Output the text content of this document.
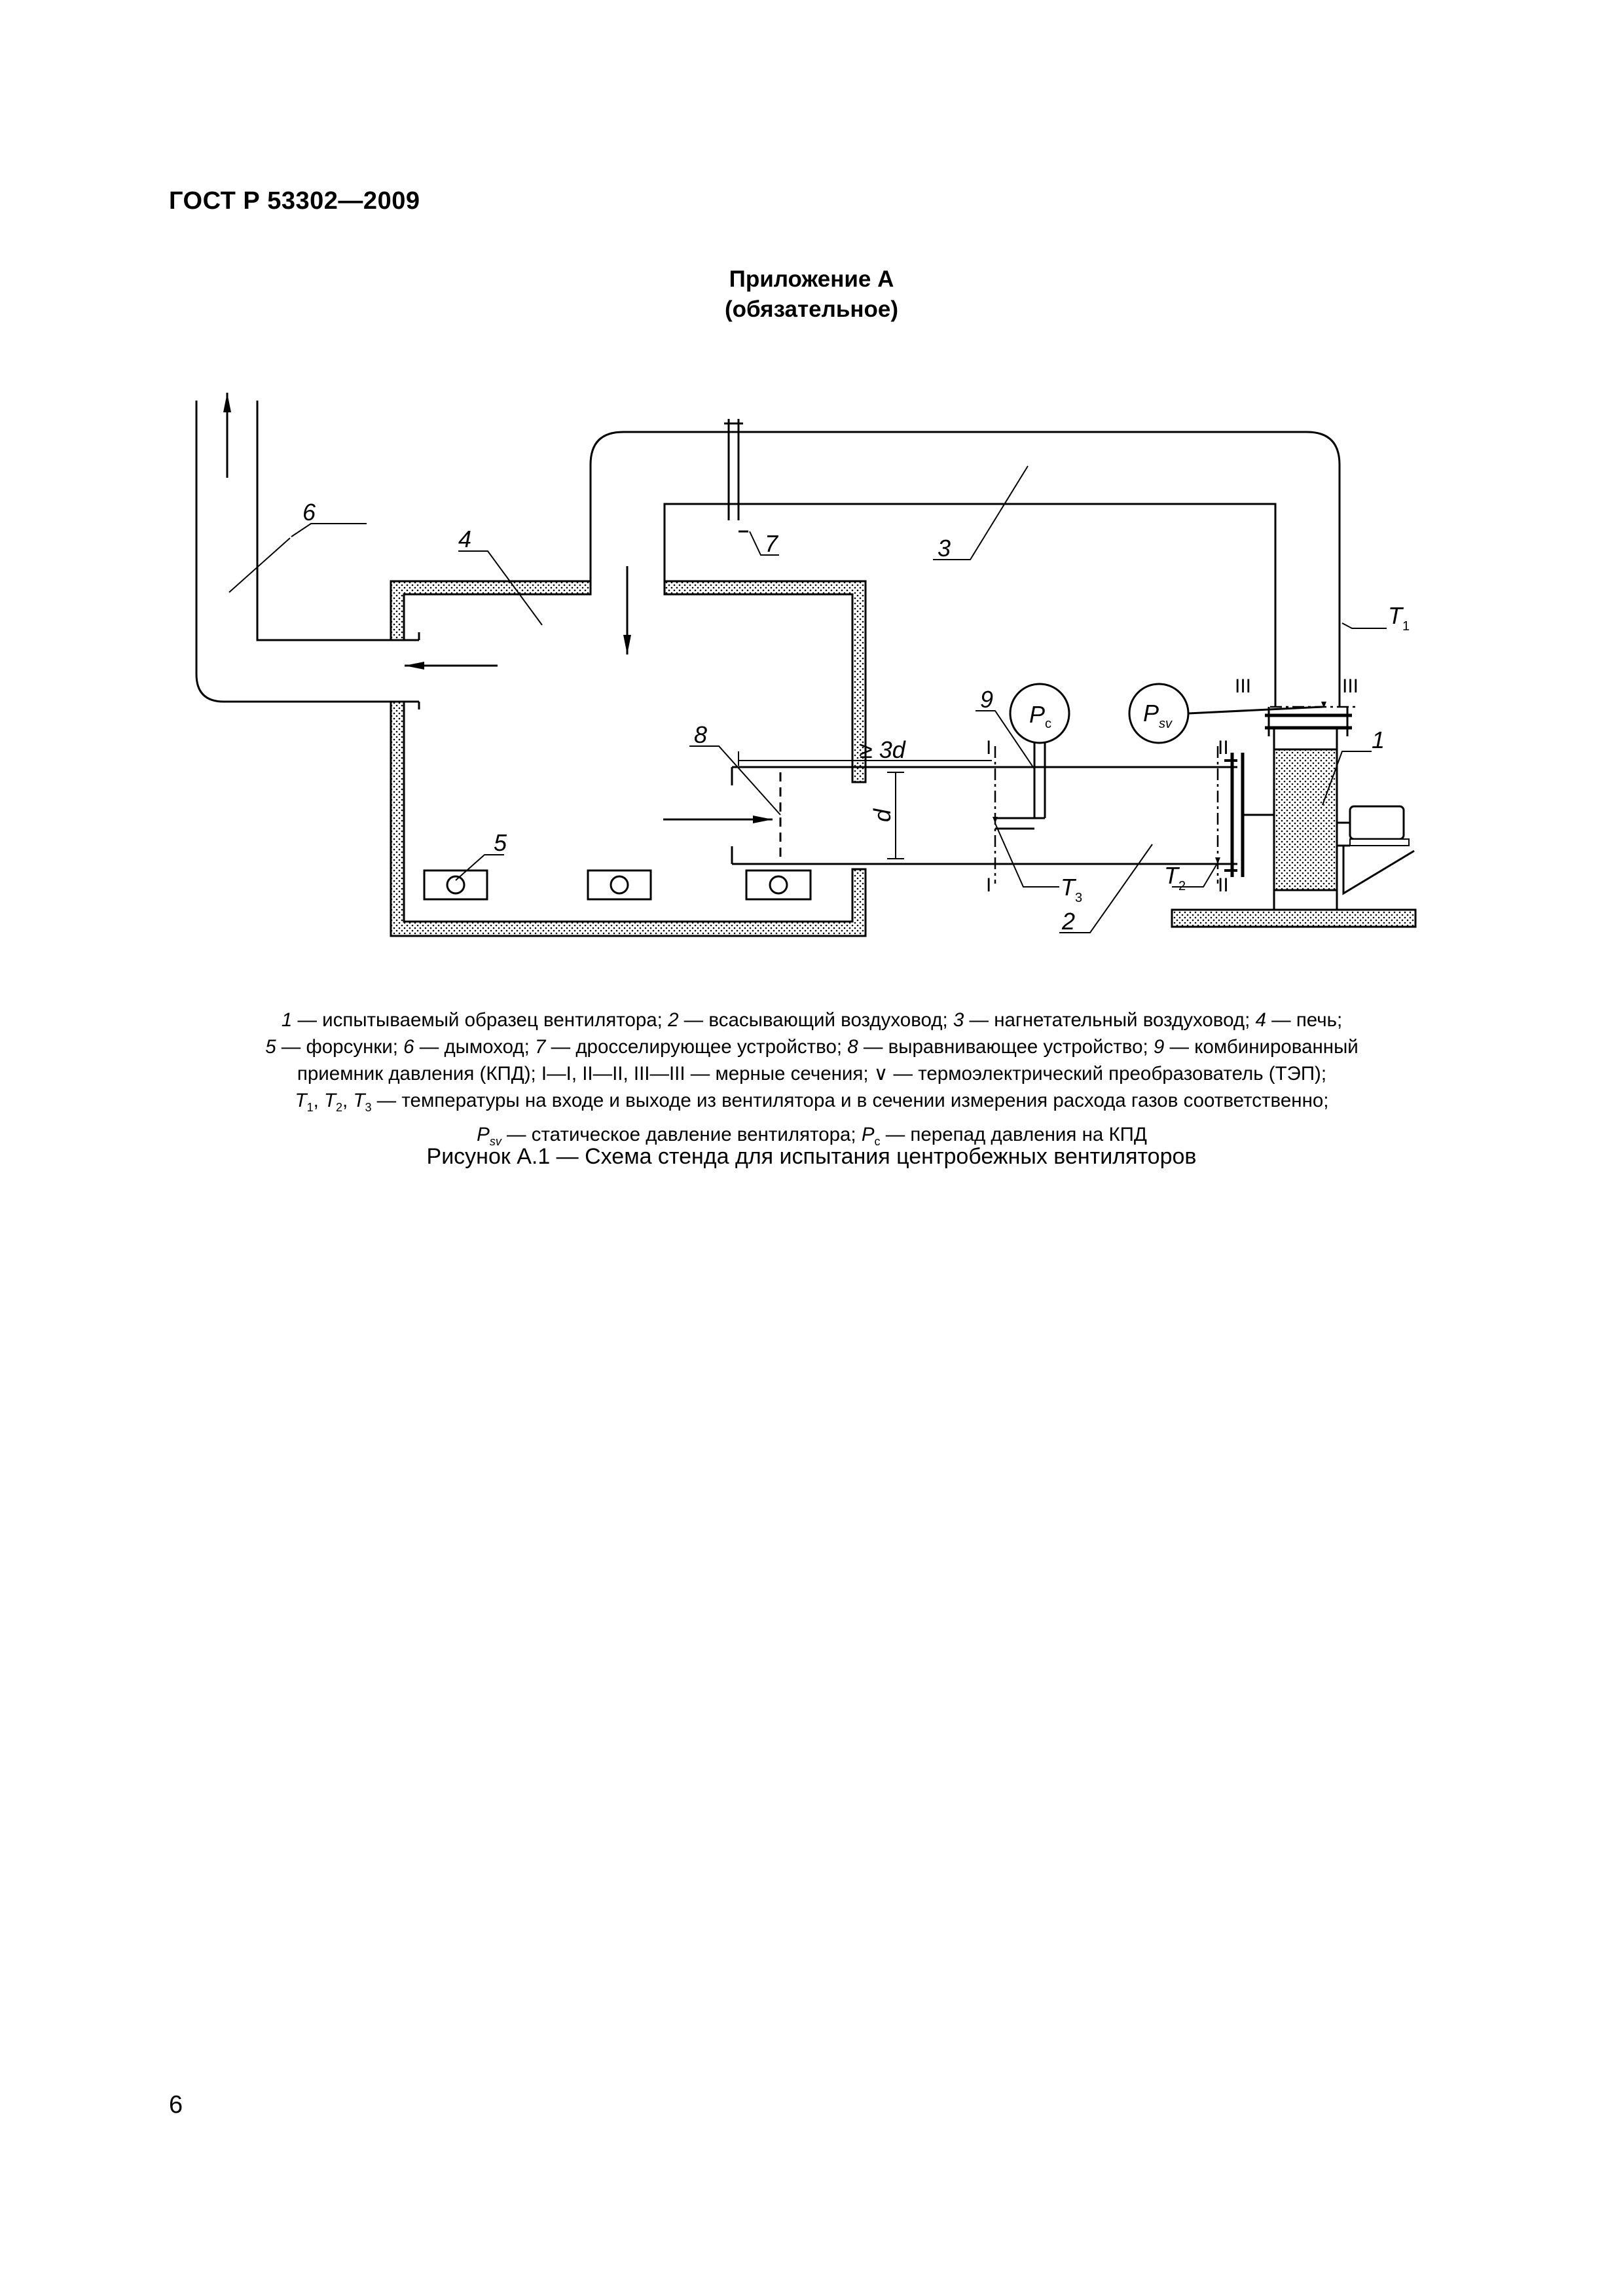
ГОСТ Р 53302—2009
Приложение А
(обязательное)
6
4	7	3
8
9
2
1
5
≥ 3d
d
I
I
II
II
III	III
$P_с$	$P_{sv}$
$T_1$
$T_2$
$T_3$
1 — испытываемый образец вентилятора; 2 — всасывающий воздуховод; 3 — нагнетательный воздуховод; 4 — печь;
5 — форсунки; 6 — дымоход; 7 — дросселирующее устройство; 8 — выравнивающее устройство; 9 — комбинированный
приемник давления (КПД); I—I, II—II, III—III — мерные сечения; ∨ — термоэлектрический преобразователь (ТЭП);
$T_1$, $T_2$, $T_3$ — температуры на входе и выходе из вентилятора и в сечении измерения расхода газов соответственно;
$P_{sv}$ — статическое давление вентилятора; $P_c$ — перепад давления на КПД
Рисунок А.1 — Схема стенда для испытания центробежных вентиляторов
6
